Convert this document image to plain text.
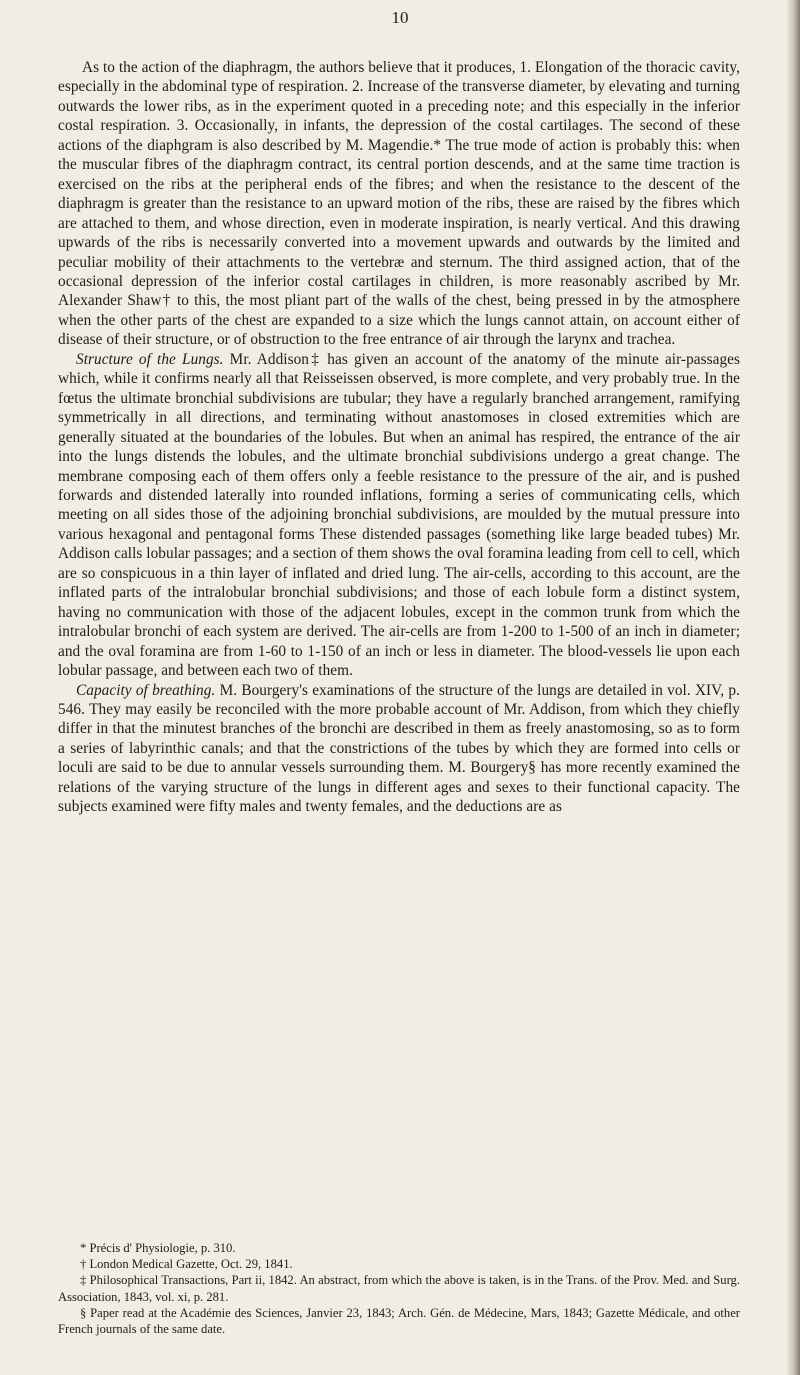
10

As to the action of the diaphragm, the authors believe that it produces, 1. Elongation of the thoracic cavity, especially in the abdominal type of respiration. 2. Increase of the transverse diameter, by elevating and turning outwards the lower ribs, as in the experiment quoted in a preceding note; and this especially in the inferior costal respiration. 3. Occasionally, in infants, the depression of the costal cartilages. The second of these actions of the diaphgram is also described by M. Magendie.* The true mode of action is probably this: when the muscular fibres of the diaphragm contract, its central portion descends, and at the same time traction is exercised on the ribs at the peripheral ends of the fibres; and when the resistance to the descent of the diaphragm is greater than the resistance to an upward motion of the ribs, these are raised by the fibres which are attached to them, and whose direction, even in moderate inspiration, is nearly vertical. And this drawing upwards of the ribs is necessarily converted into a movement upwards and outwards by the limited and peculiar mobility of their attachments to the vertebræ and sternum. The third assigned action, that of the occasional depression of the inferior costal cartilages in children, is more reasonably ascribed by Mr. Alexander Shaw† to this, the most pliant part of the walls of the chest, being pressed in by the atmosphere when the other parts of the chest are expanded to a size which the lungs cannot attain, on account either of disease of their structure, or of obstruction to the free entrance of air through the larynx and trachea.

Structure of the Lungs. Mr. Addison‡ has given an account of the anatomy of the minute air-passages which, while it confirms nearly all that Reisseissen observed, is more complete, and very probably true. In the fœtus the ultimate bronchial subdivisions are tubular; they have a regularly branched arrangement, ramifying symmetrically in all directions, and terminating without anastomoses in closed extremities which are generally situated at the boundaries of the lobules. But when an animal has respired, the entrance of the air into the lungs distends the lobules, and the ultimate bronchial subdivisions undergo a great change. The membrane composing each of them offers only a feeble resistance to the pressure of the air, and is pushed forwards and distended laterally into rounded inflations, forming a series of communicating cells, which meeting on all sides those of the adjoining bronchial subdivisions, are moulded by the mutual pressure into various hexagonal and pentagonal forms These distended passages (something like large beaded tubes) Mr. Addison calls lobular passages; and a section of them shows the oval foramina leading from cell to cell, which are so conspicuous in a thin layer of inflated and dried lung. The air-cells, according to this account, are the inflated parts of the intralobular bronchial subdivisions; and those of each lobule form a distinct system, having no communication with those of the adjacent lobules, except in the common trunk from which the intralobular bronchi of each system are derived. The air-cells are from 1-200 to 1-500 of an inch in diameter; and the oval foramina are from 1-60 to 1-150 of an inch or less in diameter. The blood-vessels lie upon each lobular passage, and between each two of them.

Capacity of breathing. M. Bourgery's examinations of the structure of the lungs are detailed in vol. XIV, p. 546. They may easily be reconciled with the more probable account of Mr. Addison, from which they chiefly differ in that the minutest branches of the bronchi are described in them as freely anastomosing, so as to form a series of labyrinthic canals; and that the constrictions of the tubes by which they are formed into cells or loculi are said to be due to annular vessels surrounding them. M. Bourgery§ has more recently examined the relations of the varying structure of the lungs in different ages and sexes to their functional capacity. The subjects examined were fifty males and twenty females, and the deductions are as

* Précis d' Physiologie, p. 310.

† London Medical Gazette, Oct. 29, 1841.

‡ Philosophical Transactions, Part ii, 1842. An abstract, from which the above is taken, is in the Trans. of the Prov. Med. and Surg. Association, 1843, vol. xi, p. 281.

§ Paper read at the Académie des Sciences, Janvier 23, 1843; Arch. Gén. de Médecine, Mars, 1843; Gazette Médicale, and other French journals of the same date.
